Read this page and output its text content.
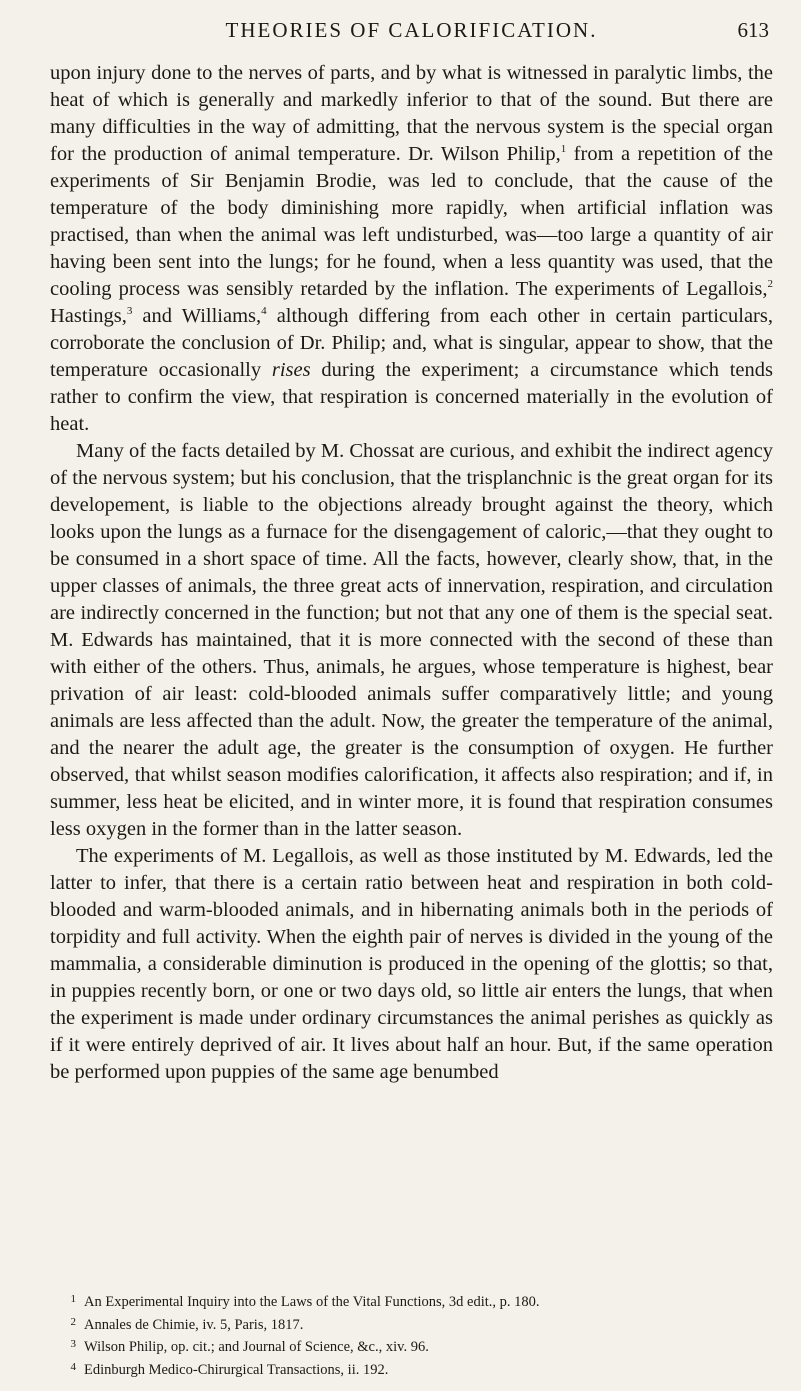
THEORIES OF CALORIFICATION.	613

upon injury done to the nerves of parts, and by what is witnessed in paralytic limbs, the heat of which is generally and markedly inferior to that of the sound. But there are many difficulties in the way of admitting, that the nervous system is the special organ for the production of animal temperature. Dr. Wilson Philip,$^1$ from a repetition of the experiments of Sir Benjamin Brodie, was led to conclude, that the cause of the temperature of the body diminishing more rapidly, when artificial inflation was practised, than when the animal was left undisturbed, was—too large a quantity of air having been sent into the lungs; for he found, when a less quantity was used, that the cooling process was sensibly retarded by the inflation. The experiments of Legallois,$^2$ Hastings,$^3$ and Williams,$^4$ although differing from each other in certain particulars, corroborate the conclusion of Dr. Philip; and, what is singular, appear to show, that the temperature occasionally rises during the experiment; a circumstance which tends rather to confirm the view, that respiration is concerned materially in the evolution of heat.

Many of the facts detailed by M. Chossat are curious, and exhibit the indirect agency of the nervous system; but his conclusion, that the trisplanchnic is the great organ for its developement, is liable to the objections already brought against the theory, which looks upon the lungs as a furnace for the disengagement of caloric,—that they ought to be consumed in a short space of time. All the facts, however, clearly show, that, in the upper classes of animals, the three great acts of innervation, respiration, and circulation are indirectly concerned in the function; but not that any one of them is the special seat. M. Edwards has maintained, that it is more connected with the second of these than with either of the others. Thus, animals, he argues, whose temperature is highest, bear privation of air least: cold-blooded animals suffer comparatively little; and young animals are less affected than the adult. Now, the greater the temperature of the animal, and the nearer the adult age, the greater is the consumption of oxygen. He further observed, that whilst season modifies calorification, it affects also respiration; and if, in summer, less heat be elicited, and in winter more, it is found that respiration consumes less oxygen in the former than in the latter season.

The experiments of M. Legallois, as well as those instituted by M. Edwards, led the latter to infer, that there is a certain ratio between heat and respiration in both cold-blooded and warm-blooded animals, and in hibernating animals both in the periods of torpidity and full activity. When the eighth pair of nerves is divided in the young of the mammalia, a considerable diminution is produced in the opening of the glottis; so that, in puppies recently born, or one or two days old, so little air enters the lungs, that when the experiment is made under ordinary circumstances the animal perishes as quickly as if it were entirely deprived of air. It lives about half an hour. But, if the same operation be performed upon puppies of the same age benumbed

1 An Experimental Inquiry into the Laws of the Vital Functions, 3d edit., p. 180.
2 Annales de Chimie, iv. 5, Paris, 1817.
3 Wilson Philip, op. cit.; and Journal of Science, &c., xiv. 96.
4 Edinburgh Medico-Chirurgical Transactions, ii. 192.
